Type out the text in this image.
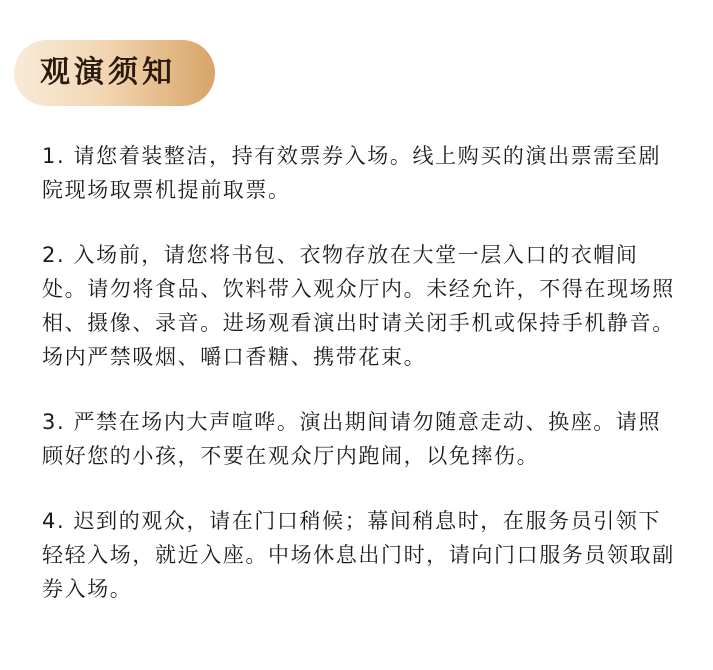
观演须知
1. 请您着装整洁，持有效票券入场。线上购买的演出票需至剧院现场取票机提前取票。
2. 入场前，请您将书包、衣物存放在大堂一层入口的衣帽间处。请勿将食品、饮料带入观众厅内。未经允许，不得在现场照相、摄像、录音。进场观看演出时请关闭手机或保持手机静音。场内严禁吸烟、嚼口香糖、携带花束。
3. 严禁在场内大声喧哗。演出期间请勿随意走动、换座。请照顾好您的小孩，不要在观众厅内跑闹，以免摔伤。
4. 迟到的观众，请在门口稍候；幕间稍息时，在服务员引领下轻轻入场，就近入座。中场休息出门时，请向门口服务员领取副券入场。
